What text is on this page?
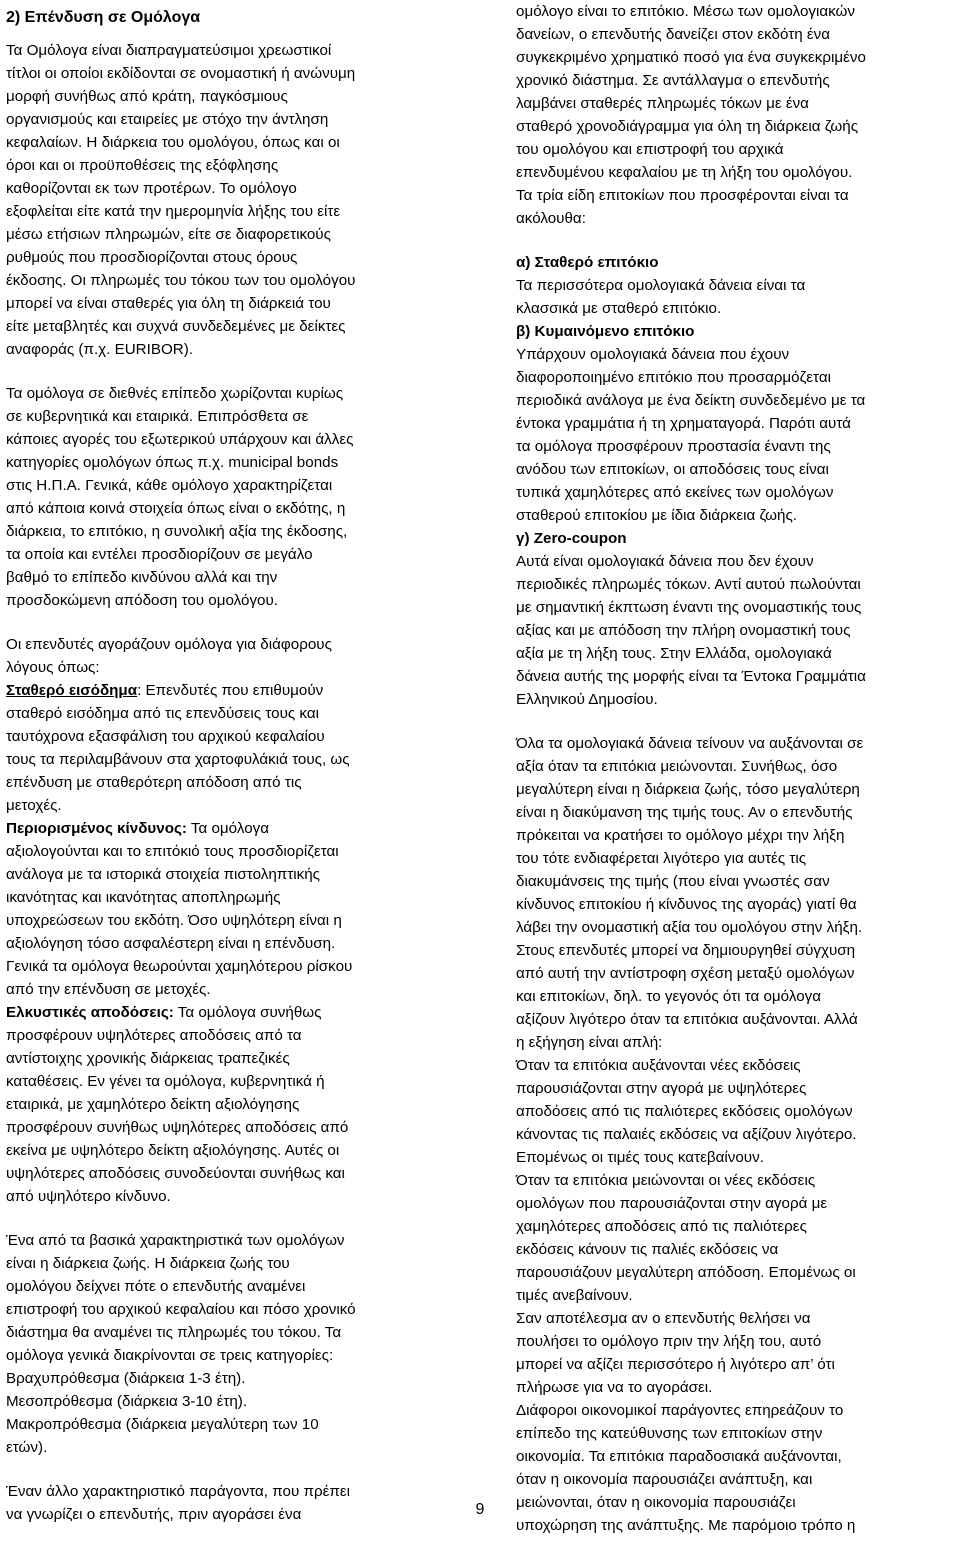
2) Επένδυση σε Ομόλογα
Τα Ομόλογα είναι διαπραγματεύσιμοι χρεωστικοί
τίτλοι οι οποίοι εκδίδονται σε ονομαστική ή ανώνυμη
μορφή συνήθως από κράτη, παγκόσμιους
οργανισμούς και εταιρείες με στόχο την άντληση
κεφαλαίων. Η διάρκεια του ομολόγου, όπως και οι
όροι και οι προϋποθέσεις της εξόφλησης
καθορίζονται εκ των προτέρων. Το ομόλογο
εξοφλείται είτε κατά την ημερομηνία λήξης του είτε
μέσω ετήσιων πληρωμών, είτε σε διαφορετικούς
ρυθμούς που προσδιορίζονται στους όρους
έκδοσης. Οι πληρωμές του τόκου των του ομολόγου
μπορεί να είναι σταθερές για όλη τη διάρκειά του
είτε μεταβλητές και συχνά συνδεδεμένες με δείκτες
αναφοράς (π.χ. EURIBOR).
Τα ομόλογα σε διεθνές επίπεδο χωρίζονται κυρίως
σε κυβερνητικά και εταιρικά. Επιπρόσθετα σε
κάποιες αγορές του εξωτερικού υπάρχουν και άλλες
κατηγορίες ομολόγων όπως π.χ. municipal bonds
στις Η.Π.Α. Γενικά, κάθε ομόλογο χαρακτηρίζεται
από κάποια κοινά στοιχεία όπως είναι ο εκδότης, η
διάρκεια, το επιτόκιο, η συνολική αξία της έκδοσης,
τα οποία και εντέλει προσδιορίζουν σε μεγάλο
βαθμό το επίπεδο κινδύνου αλλά και την
προσδοκώμενη απόδοση του ομολόγου.
Οι επενδυτές αγοράζουν ομόλογα για διάφορους
λόγους όπως:
Σταθερό εισόδημα: Επενδυτές που επιθυμούν
σταθερό εισόδημα από τις επενδύσεις τους και
ταυτόχρονα εξασφάλιση του αρχικού κεφαλαίου
τους τα περιλαμβάνουν στα χαρτοφυλάκιά τους, ως
επένδυση με σταθερότερη απόδοση από τις
μετοχές.
Περιορισμένος κίνδυνος: Τα ομόλογα
αξιολογούνται και το επιτόκιό τους προσδιορίζεται
ανάλογα με τα ιστορικά στοιχεία πιστοληπτικής
ικανότητας και ικανότητας αποπληρωμής
υποχρεώσεων του εκδότη. Όσο υψηλότερη είναι η
αξιολόγηση τόσο ασφαλέστερη είναι η επένδυση.
Γενικά τα ομόλογα θεωρούνται χαμηλότερου ρίσκου
από την επένδυση σε μετοχές.
Ελκυστικές αποδόσεις: Τα ομόλογα συνήθως
προσφέρουν υψηλότερες αποδόσεις από τα
αντίστοιχης χρονικής διάρκειας τραπεζικές
καταθέσεις. Εν γένει τα ομόλογα, κυβερνητικά ή
εταιρικά, με χαμηλότερο δείκτη αξιολόγησης
προσφέρουν συνήθως υψηλότερες αποδόσεις από
εκείνα με υψηλότερο δείκτη αξιολόγησης. Αυτές οι
υψηλότερες αποδόσεις συνοδεύονται συνήθως και
από υψηλότερο κίνδυνο.
Ένα από τα βασικά χαρακτηριστικά των ομολόγων
είναι η διάρκεια ζωής. Η διάρκεια ζωής του
ομολόγου δείχνει πότε ο επενδυτής αναμένει
επιστροφή του αρχικού κεφαλαίου και πόσο χρονικό
διάστημα θα αναμένει τις πληρωμές του τόκου. Τα
ομόλογα γενικά διακρίνονται σε τρεις κατηγορίες:
Βραχυπρόθεσμα (διάρκεια 1-3 έτη).
Μεσοπρόθεσμα (διάρκεια 3-10 έτη).
Μακροπρόθεσμα (διάρκεια μεγαλύτερη των 10
ετών).
Έναν άλλο χαρακτηριστικό παράγοντα, που πρέπει
να γνωρίζει ο επενδυτής, πριν αγοράσει ένα
ομόλογο είναι το επιτόκιο. Μέσω των ομολογιακών
δανείων, ο επενδυτής δανείζει στον εκδότη ένα
συγκεκριμένο χρηματικό ποσό για ένα συγκεκριμένο
χρονικό διάστημα. Σε αντάλλαγμα ο επενδυτής
λαμβάνει σταθερές πληρωμές τόκων με ένα
σταθερό χρονοδιάγραμμα για όλη τη διάρκεια ζωής
του ομολόγου και επιστροφή του αρχικά
επενδυμένου κεφαλαίου με τη λήξη του ομολόγου.
Τα τρία είδη επιτοκίων που προσφέρονται είναι τα
ακόλουθα:
α) Σταθερό επιτόκιο
Τα περισσότερα ομολογιακά δάνεια είναι τα
κλασσικά με σταθερό επιτόκιο.
β) Κυμαινόμενο επιτόκιο
Υπάρχουν ομολογιακά δάνεια που έχουν
διαφοροποιημένο επιτόκιο που προσαρμόζεται
περιοδικά ανάλογα με ένα δείκτη συνδεδεμένο με τα
έντοκα γραμμάτια ή τη χρηματαγορά. Παρότι αυτά
τα ομόλογα προσφέρουν προστασία έναντι της
ανόδου των επιτοκίων, οι αποδόσεις τους είναι
τυπικά χαμηλότερες από εκείνες των ομολόγων
σταθερού επιτοκίου με ίδια διάρκεια ζωής.
γ) Zero-coupon
Αυτά είναι ομολογιακά δάνεια που δεν έχουν
περιοδικές πληρωμές τόκων. Αντί αυτού πωλούνται
με σημαντική έκπτωση έναντι της ονομαστικής τους
αξίας και με απόδοση την πλήρη ονομαστική τους
αξία με τη λήξη τους. Στην Ελλάδα, ομολογιακά
δάνεια αυτής της μορφής είναι τα Έντοκα Γραμμάτια
Ελληνικού Δημοσίου.
Όλα τα ομολογιακά δάνεια τείνουν να αυξάνονται σε
αξία όταν τα επιτόκια μειώνονται. Συνήθως, όσο
μεγαλύτερη είναι η διάρκεια ζωής, τόσο μεγαλύτερη
είναι η διακύμανση της τιμής τους. Αν ο επενδυτής
πρόκειται να κρατήσει το ομόλογο μέχρι την λήξη
του τότε ενδιαφέρεται λιγότερο για αυτές τις
διακυμάνσεις της τιμής (που είναι γνωστές σαν
κίνδυνος επιτοκίου ή κίνδυνος της αγοράς) γιατί θα
λάβει την ονομαστική αξία του ομολόγου στην λήξη.
Στους επενδυτές μπορεί να δημιουργηθεί σύγχυση
από αυτή την αντίστροφη σχέση μεταξύ ομολόγων
και επιτοκίων, δηλ. το γεγονός ότι τα ομόλογα
αξίζουν λιγότερο όταν τα επιτόκια αυξάνονται. Αλλά
η εξήγηση είναι απλή:
Όταν τα επιτόκια αυξάνονται νέες εκδόσεις
παρουσιάζονται στην αγορά με υψηλότερες
αποδόσεις από τις παλιότερες εκδόσεις ομολόγων
κάνοντας τις παλαιές εκδόσεις να αξίζουν λιγότερο.
Επομένως οι τιμές τους κατεβαίνουν.
Όταν τα επιτόκια μειώνονται οι νέες εκδόσεις
ομολόγων που παρουσιάζονται στην αγορά με
χαμηλότερες αποδόσεις από τις παλιότερες
εκδόσεις κάνουν τις παλιές εκδόσεις να
παρουσιάζουν μεγαλύτερη απόδοση. Επομένως οι
τιμές ανεβαίνουν.
Σαν αποτέλεσμα αν ο επενδυτής θελήσει να
πουλήσει το ομόλογο πριν την λήξη του, αυτό
μπορεί να αξίζει περισσότερο ή λιγότερο απ’ ότι
πλήρωσε για να το αγοράσει.
Διάφοροι οικονομικοί παράγοντες επηρεάζουν το
επίπεδο της κατεύθυνσης των επιτοκίων στην
οικονομία. Τα επιτόκια παραδοσιακά αυξάνονται,
όταν η οικονομία παρουσιάζει ανάπτυξη, και
μειώνονται, όταν η οικονομία παρουσιάζει
υποχώρηση της ανάπτυξης. Με παρόμοιο τρόπο η
9
